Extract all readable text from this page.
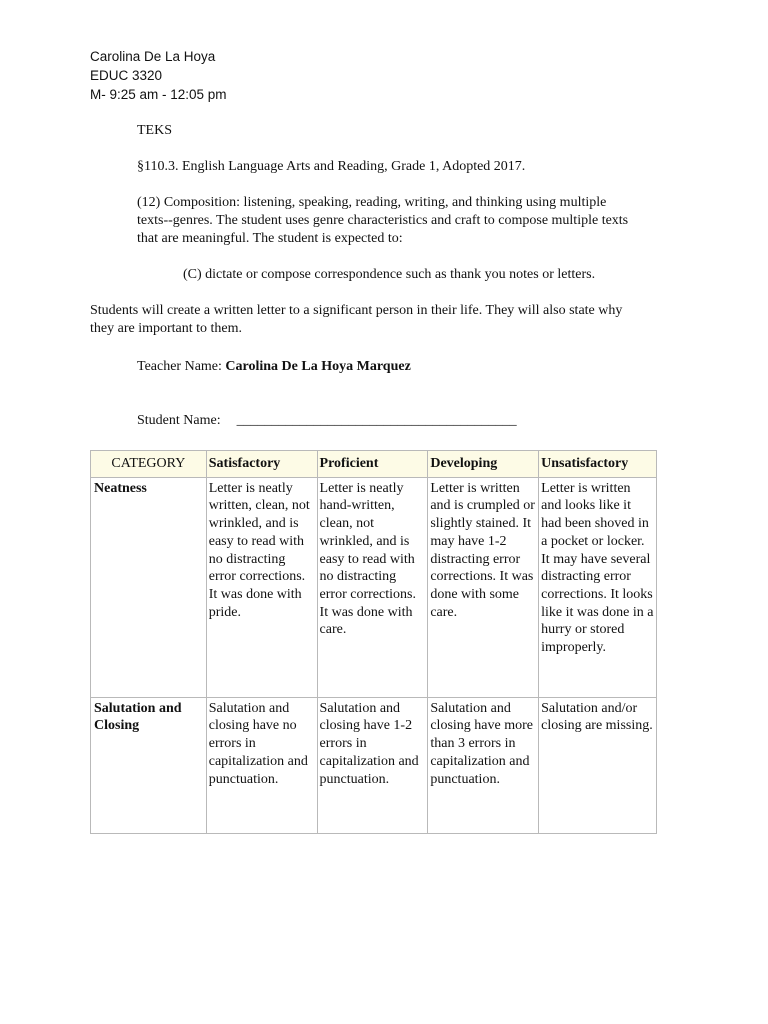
Carolina De La Hoya
EDUC 3320
M- 9:25 am - 12:05 pm
TEKS
§110.3. English Language Arts and Reading, Grade 1, Adopted 2017.
(12) Composition: listening, speaking, reading, writing, and thinking using multiple
texts--genres. The student uses genre characteristics and craft to compose multiple texts
that are meaningful. The student is expected to:
(C) dictate or compose correspondence such as thank you notes or letters.
Students will create a written letter to a significant person in their life. They will also state why
they are important to them.
Teacher Name: Carolina De La Hoya Marquez
Student Name: ________________________________________
CATEGORY	Satisfactory	Proficient	Developing	Unsatisfactory
Neatness	Letter is neatly written, clean, not wrinkled, and is easy to read with no distracting error corrections. It was done with pride.	Letter is neatly hand-written, clean, not wrinkled, and is easy to read with no distracting error corrections. It was done with care.	Letter is written and is crumpled or slightly stained. It may have 1-2 distracting error corrections. It was done with some care.	Letter is written and looks like it had been shoved in a pocket or locker. It may have several distracting error corrections. It looks like it was done in a hurry or stored improperly.
Salutation and Closing	Salutation and closing have no errors in capitalization and punctuation.	Salutation and closing have 1-2 errors in capitalization and punctuation.	Salutation and closing have more than 3 errors in capitalization and punctuation.	Salutation and/or closing are missing.
